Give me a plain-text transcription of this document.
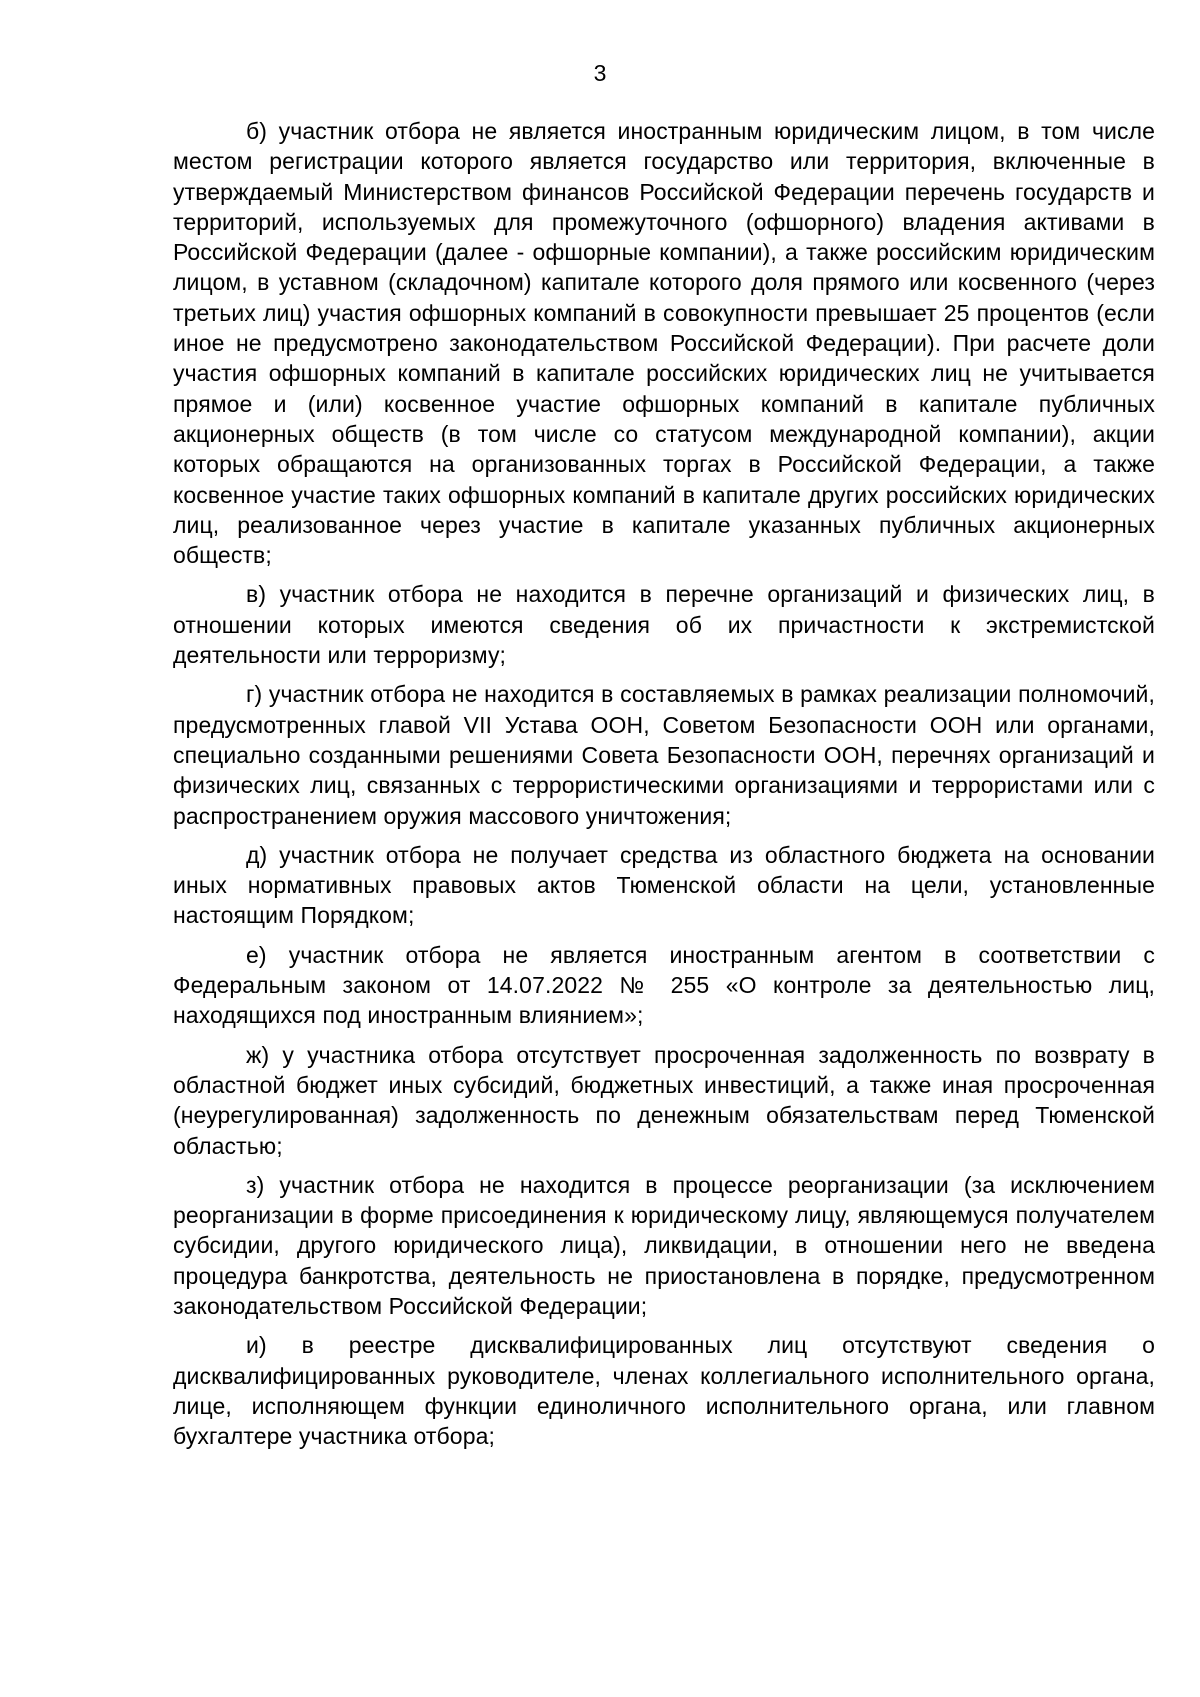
3

б) участник отбора не является иностранным юридическим лицом, в том числе местом регистрации которого является государство или территория, включенные в утверждаемый Министерством финансов Российской Федерации перечень государств и территорий, используемых для промежуточного (офшорного) владения активами в Российской Федерации (далее - офшорные компании), а также российским юридическим лицом, в уставном (складочном) капитале которого доля прямого или косвенного (через третьих лиц) участия офшорных компаний в совокупности превышает 25 процентов (если иное не предусмотрено законодательством Российской Федерации). При расчете доли участия офшорных компаний в капитале российских юридических лиц не учитывается прямое и (или) косвенное участие офшорных компаний в капитале публичных акционерных обществ (в том числе со статусом международной компании), акции которых обращаются на организованных торгах в Российской Федерации, а также косвенное участие таких офшорных компаний в капитале других российских юридических лиц, реализованное через участие в капитале указанных публичных акционерных обществ;

в) участник отбора не находится в перечне организаций и физических лиц, в отношении которых имеются сведения об их причастности к экстремистской деятельности или терроризму;

г) участник отбора не находится в составляемых в рамках реализации полномочий, предусмотренных главой VII Устава ООН, Советом Безопасности ООН или органами, специально созданными решениями Совета Безопасности ООН, перечнях организаций и физических лиц, связанных с террористическими организациями и террористами или с распространением оружия массового уничтожения;

д) участник отбора не получает средства из областного бюджета на основании иных нормативных правовых актов Тюменской области на цели, установленные настоящим Порядком;

е) участник отбора не является иностранным агентом в соответствии с Федеральным законом от 14.07.2022 № 255 «О контроле за деятельностью лиц, находящихся под иностранным влиянием»;

ж) у участника отбора отсутствует просроченная задолженность по возврату в областной бюджет иных субсидий, бюджетных инвестиций, а также иная просроченная (неурегулированная) задолженность по денежным обязательствам перед Тюменской областью;

з) участник отбора не находится в процессе реорганизации (за исключением реорганизации в форме присоединения к юридическому лицу, являющемуся получателем субсидии, другого юридического лица), ликвидации, в отношении него не введена процедура банкротства, деятельность не приостановлена в порядке, предусмотренном законодательством Российской Федерации;

и) в реестре дисквалифицированных лиц отсутствуют сведения о дисквалифицированных руководителе, членах коллегиального исполнительного органа, лице, исполняющем функции единоличного исполнительного органа, или главном бухгалтере участника отбора;
